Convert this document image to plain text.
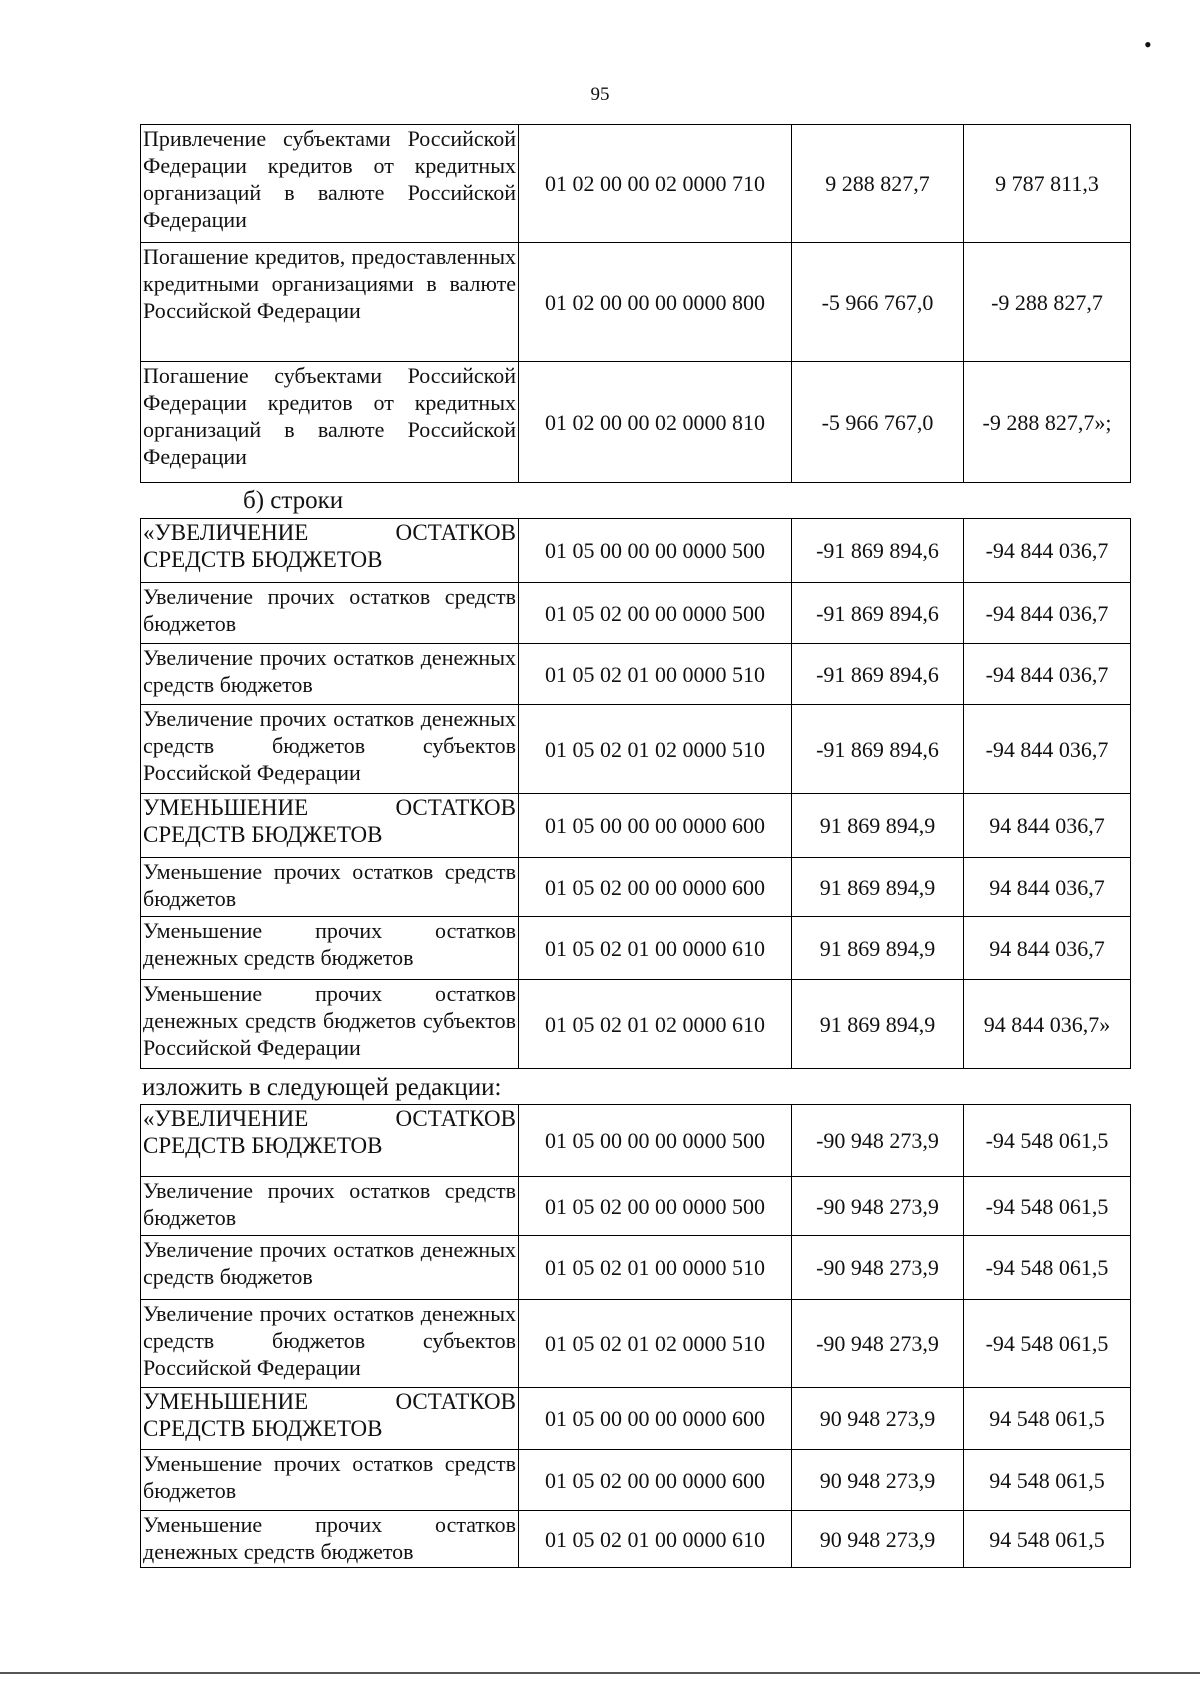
•
95
Привлечение субъектами Российской Федерации кредитов от кредитных организаций в валюте Российской Федерации	01 02 00 00 02 0000 710	9 288 827,7	9 787 811,3
Погашение кредитов, предоставленных кредитными организациями в валюте Российской Федерации	01 02 00 00 00 0000 800	-5 966 767,0	-9 288 827,7
Погашение субъектами Российской Федерации кредитов от кредитных организаций в валюте Российской Федерации	01 02 00 00 02 0000 810	-5 966 767,0	-9 288 827,7»;
б) строки
«УВЕЛИЧЕНИЕ ОСТАТКОВ СРЕДСТВ БЮДЖЕТОВ	01 05 00 00 00 0000 500	-91 869 894,6	-94 844 036,7
Увеличение прочих остатков средств бюджетов	01 05 02 00 00 0000 500	-91 869 894,6	-94 844 036,7
Увеличение прочих остатков денежных средств бюджетов	01 05 02 01 00 0000 510	-91 869 894,6	-94 844 036,7
Увеличение прочих остатков денежных средств бюджетов субъектов Российской Федерации	01 05 02 01 02 0000 510	-91 869 894,6	-94 844 036,7
УМЕНЬШЕНИЕ ОСТАТКОВ СРЕДСТВ БЮДЖЕТОВ	01 05 00 00 00 0000 600	91 869 894,9	94 844 036,7
Уменьшение прочих остатков средств бюджетов	01 05 02 00 00 0000 600	91 869 894,9	94 844 036,7
Уменьшение прочих остатков денежных средств бюджетов	01 05 02 01 00 0000 610	91 869 894,9	94 844 036,7
Уменьшение прочих остатков денежных средств бюджетов субъектов Российской Федерации	01 05 02 01 02 0000 610	91 869 894,9	94 844 036,7»
изложить в следующей редакции:
«УВЕЛИЧЕНИЕ ОСТАТКОВ СРЕДСТВ БЮДЖЕТОВ	01 05 00 00 00 0000 500	-90 948 273,9	-94 548 061,5
Увеличение прочих остатков средств бюджетов	01 05 02 00 00 0000 500	-90 948 273,9	-94 548 061,5
Увеличение прочих остатков денежных средств бюджетов	01 05 02 01 00 0000 510	-90 948 273,9	-94 548 061,5
Увеличение прочих остатков денежных средств бюджетов субъектов Российской Федерации	01 05 02 01 02 0000 510	-90 948 273,9	-94 548 061,5
УМЕНЬШЕНИЕ ОСТАТКОВ СРЕДСТВ БЮДЖЕТОВ	01 05 00 00 00 0000 600	90 948 273,9	94 548 061,5
Уменьшение прочих остатков средств бюджетов	01 05 02 00 00 0000 600	90 948 273,9	94 548 061,5
Уменьшение прочих остатков денежных средств бюджетов	01 05 02 01 00 0000 610	90 948 273,9	94 548 061,5
